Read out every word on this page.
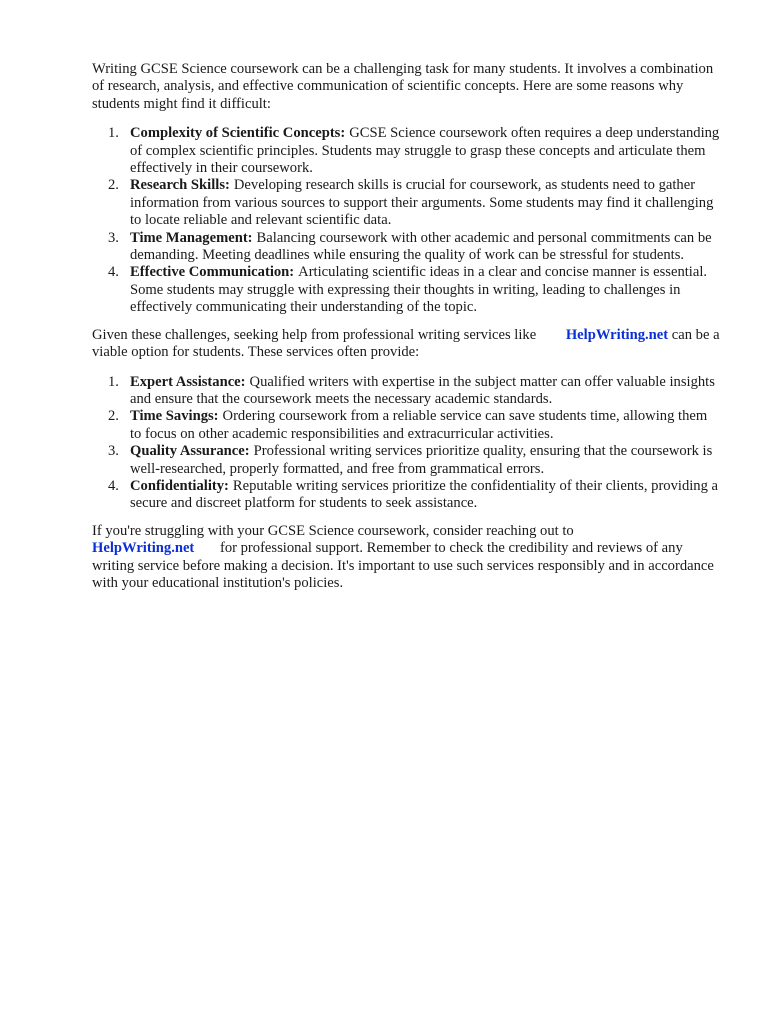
Writing GCSE Science coursework can be a challenging task for many students. It involves a combination of research, analysis, and effective communication of scientific concepts. Here are some reasons why students might find it difficult:

1. Complexity of Scientific Concepts: GCSE Science coursework often requires a deep understanding of complex scientific principles. Students may struggle to grasp these concepts and articulate them effectively in their coursework.
2. Research Skills: Developing research skills is crucial for coursework, as students need to gather information from various sources to support their arguments. Some students may find it challenging to locate reliable and relevant scientific data.
3. Time Management: Balancing coursework with other academic and personal commitments can be demanding. Meeting deadlines while ensuring the quality of work can be stressful for students.
4. Effective Communication: Articulating scientific ideas in a clear and concise manner is essential. Some students may struggle with expressing their thoughts in writing, leading to challenges in effectively communicating their understanding of the topic.

Given these challenges, seeking help from professional writing services like HelpWriting.net can be a viable option for students. These services often provide:

1. Expert Assistance: Qualified writers with expertise in the subject matter can offer valuable insights and ensure that the coursework meets the necessary academic standards.
2. Time Savings: Ordering coursework from a reliable service can save students time, allowing them to focus on other academic responsibilities and extracurricular activities.
3. Quality Assurance: Professional writing services prioritize quality, ensuring that the coursework is well-researched, properly formatted, and free from grammatical errors.
4. Confidentiality: Reputable writing services prioritize the confidentiality of their clients, providing a secure and discreet platform for students to seek assistance.

If you're struggling with your GCSE Science coursework, consider reaching out to
HelpWriting.net for professional support. Remember to check the credibility and reviews of any writing service before making a decision. It's important to use such services responsibly and in accordance with your educational institution's policies.
